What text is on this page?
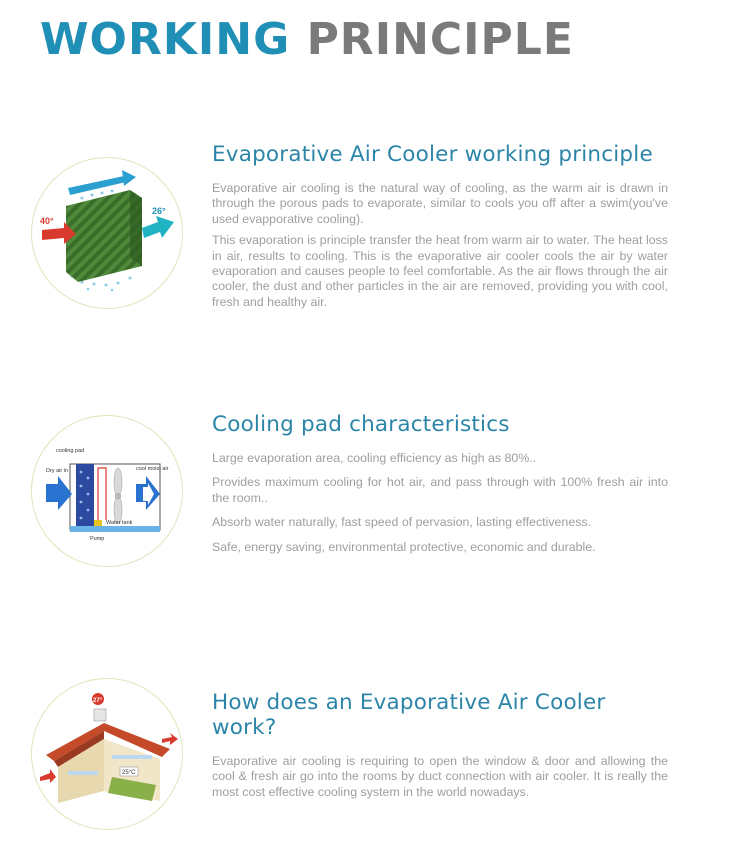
WORKING PRINCIPLE
40°
26°
Evaporative Air Cooler working principle

Evaporative air cooling is the natural way of cooling, as the warm air is drawn in through the porous pads to evaporate, similar to cools you off after a swim(you've used evapporative cooling).

This evaporation is principle transfer the heat from warm air to water. The heat loss in air, results to cooling. This is the evaporative air cooler cools the air by water evaporation and causes people to feel comfortable. As the air flows through the air cooler, the dust and other particles in the air are removed, providing you with cool, fresh and healthy air.

cooling pad
Dry air in	cool moist air
Water tank
Pump
Cooling pad characteristics

Large evaporation area, cooling efficiency as high as 80%..

Provides maximum cooling for hot air, and pass through with 100% fresh air into the room..

Absorb water naturally, fast speed of pervasion, lasting effectiveness.

Safe, energy saving, environmental protective, economic and durable.

27°
25°C
How does an Evaporative Air Cooler work?

Evaporative air cooling is requiring to open the window & door and allowing the cool & fresh air go into the rooms by duct connection with air cooler. It is really the most cost effective cooling system in the world nowadays.
